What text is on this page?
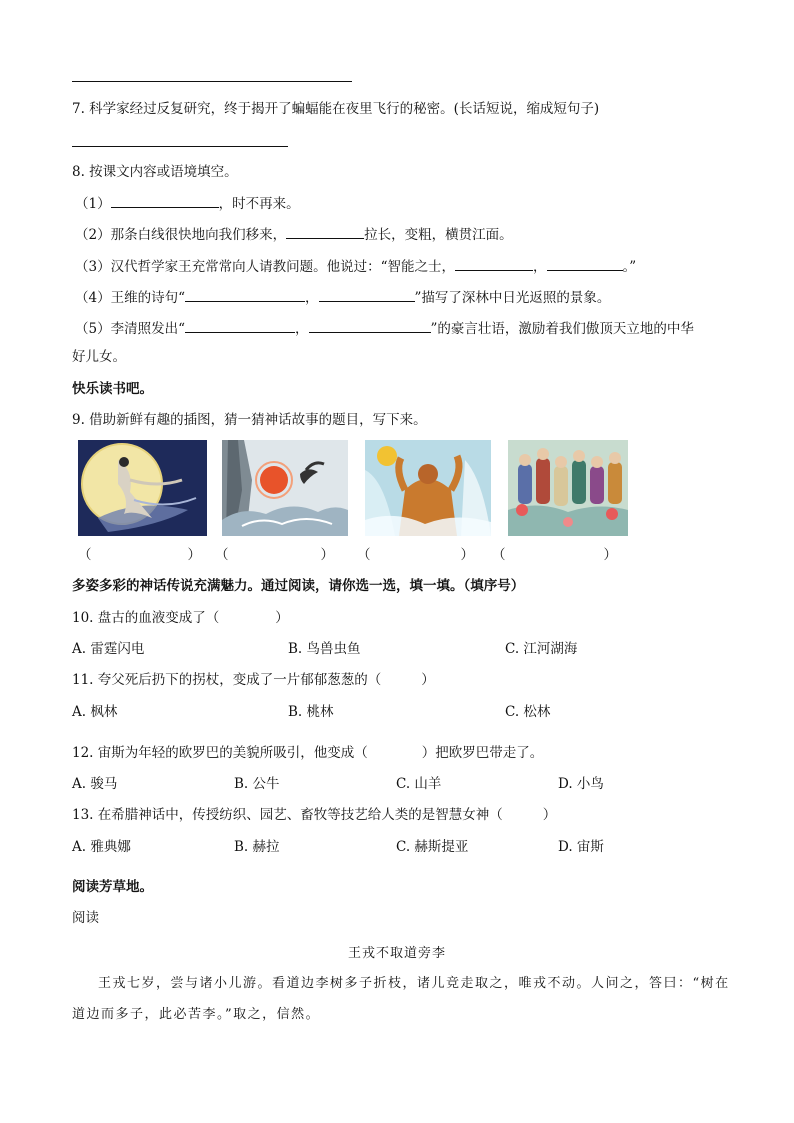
7. 科学家经过反复研究，终于揭开了蝙蝠能在夜里飞行的秘密。(长话短说，缩成短句子)
8. 按课文内容或语境填空。
（1）	，时不再来。
（2）那条白线很快地向我们移来，	拉长，变粗，横贯江面。
（3）汉代哲学家王充常常向人请教问题。他说过：“智能之士，	，	。”
（4）王维的诗句“	，	”描写了深林中日光返照的景象。
（5）李清照发出“	，	”的豪言壮语，激励着我们傲顶天立地的中华
好儿女。
快乐读书吧。
9. 借助新鲜有趣的插图，猜一猜神话故事的题目，写下来。
（	） （	） （	） （	）
多姿多彩的神话传说充满魅力。通过阅读，请你选一选，填一填。（填序号）
10. 盘古的血液变成了（	）
A. 雷霆闪电	B. 鸟兽虫鱼	C. 江河湖海
11. 夸父死后扔下的拐杖，变成了一片郁郁葱葱的（	）
A. 枫林	B. 桃林	C. 松林
12. 宙斯为年轻的欧罗巴的美貌所吸引，他变成（	）把欧罗巴带走了。
A. 骏马	B. 公牛	C. 山羊	D. 小鸟
13. 在希腊神话中，传授纺织、园艺、畜牧等技艺给人类的是智慧女神（	）
A. 雅典娜	B. 赫拉	C. 赫斯提亚	D. 宙斯
阅读芳草地。
阅读
王戎不取道旁李
王戎七岁，尝与诸小儿游。看道边李树多子折枝，诸儿竞走取之，唯戎不动。人问之，答曰：“树在道边而多子，此必苦李。”取之，信然。
